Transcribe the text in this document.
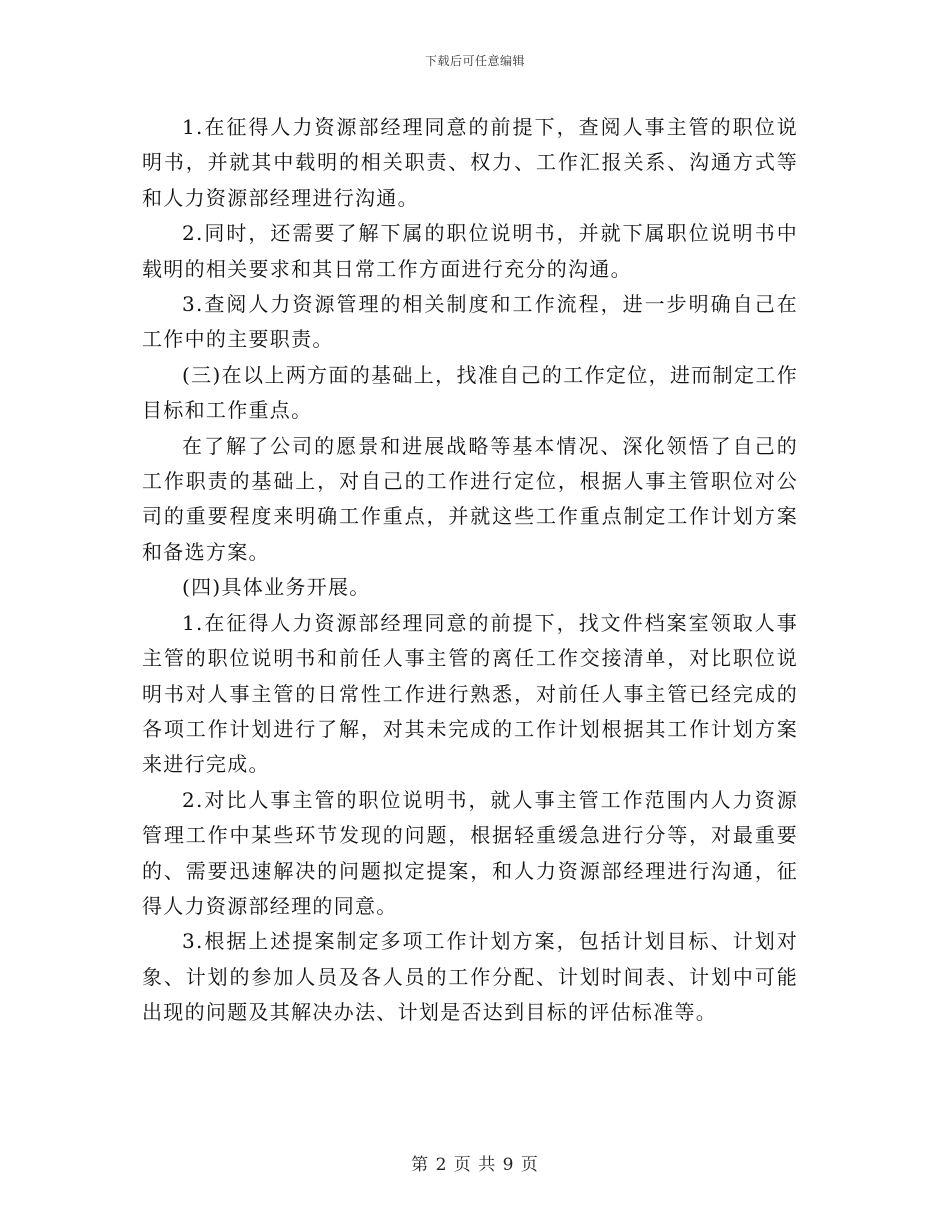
下载后可任意编辑

1.在征得人力资源部经理同意的前提下，查阅人事主管的职位说明书，并就其中载明的相关职责、权力、工作汇报关系、沟通方式等和人力资源部经理进行沟通。

2.同时，还需要了解下属的职位说明书，并就下属职位说明书中载明的相关要求和其日常工作方面进行充分的沟通。

3.查阅人力资源管理的相关制度和工作流程，进一步明确自己在工作中的主要职责。

(三)在以上两方面的基础上，找准自己的工作定位，进而制定工作目标和工作重点。

在了解了公司的愿景和进展战略等基本情况、深化领悟了自己的工作职责的基础上，对自己的工作进行定位，根据人事主管职位对公司的重要程度来明确工作重点，并就这些工作重点制定工作计划方案和备选方案。

(四)具体业务开展。

1.在征得人力资源部经理同意的前提下，找文件档案室领取人事主管的职位说明书和前任人事主管的离任工作交接清单，对比职位说明书对人事主管的日常性工作进行熟悉，对前任人事主管已经完成的各项工作计划进行了解，对其未完成的工作计划根据其工作计划方案来进行完成。

2.对比人事主管的职位说明书，就人事主管工作范围内人力资源管理工作中某些环节发现的问题，根据轻重缓急进行分等，对最重要的、需要迅速解决的问题拟定提案，和人力资源部经理进行沟通，征得人力资源部经理的同意。

3.根据上述提案制定多项工作计划方案，包括计划目标、计划对象、计划的参加人员及各人员的工作分配、计划时间表、计划中可能出现的问题及其解决办法、计划是否达到目标的评估标准等。

第 2 页 共 9 页
